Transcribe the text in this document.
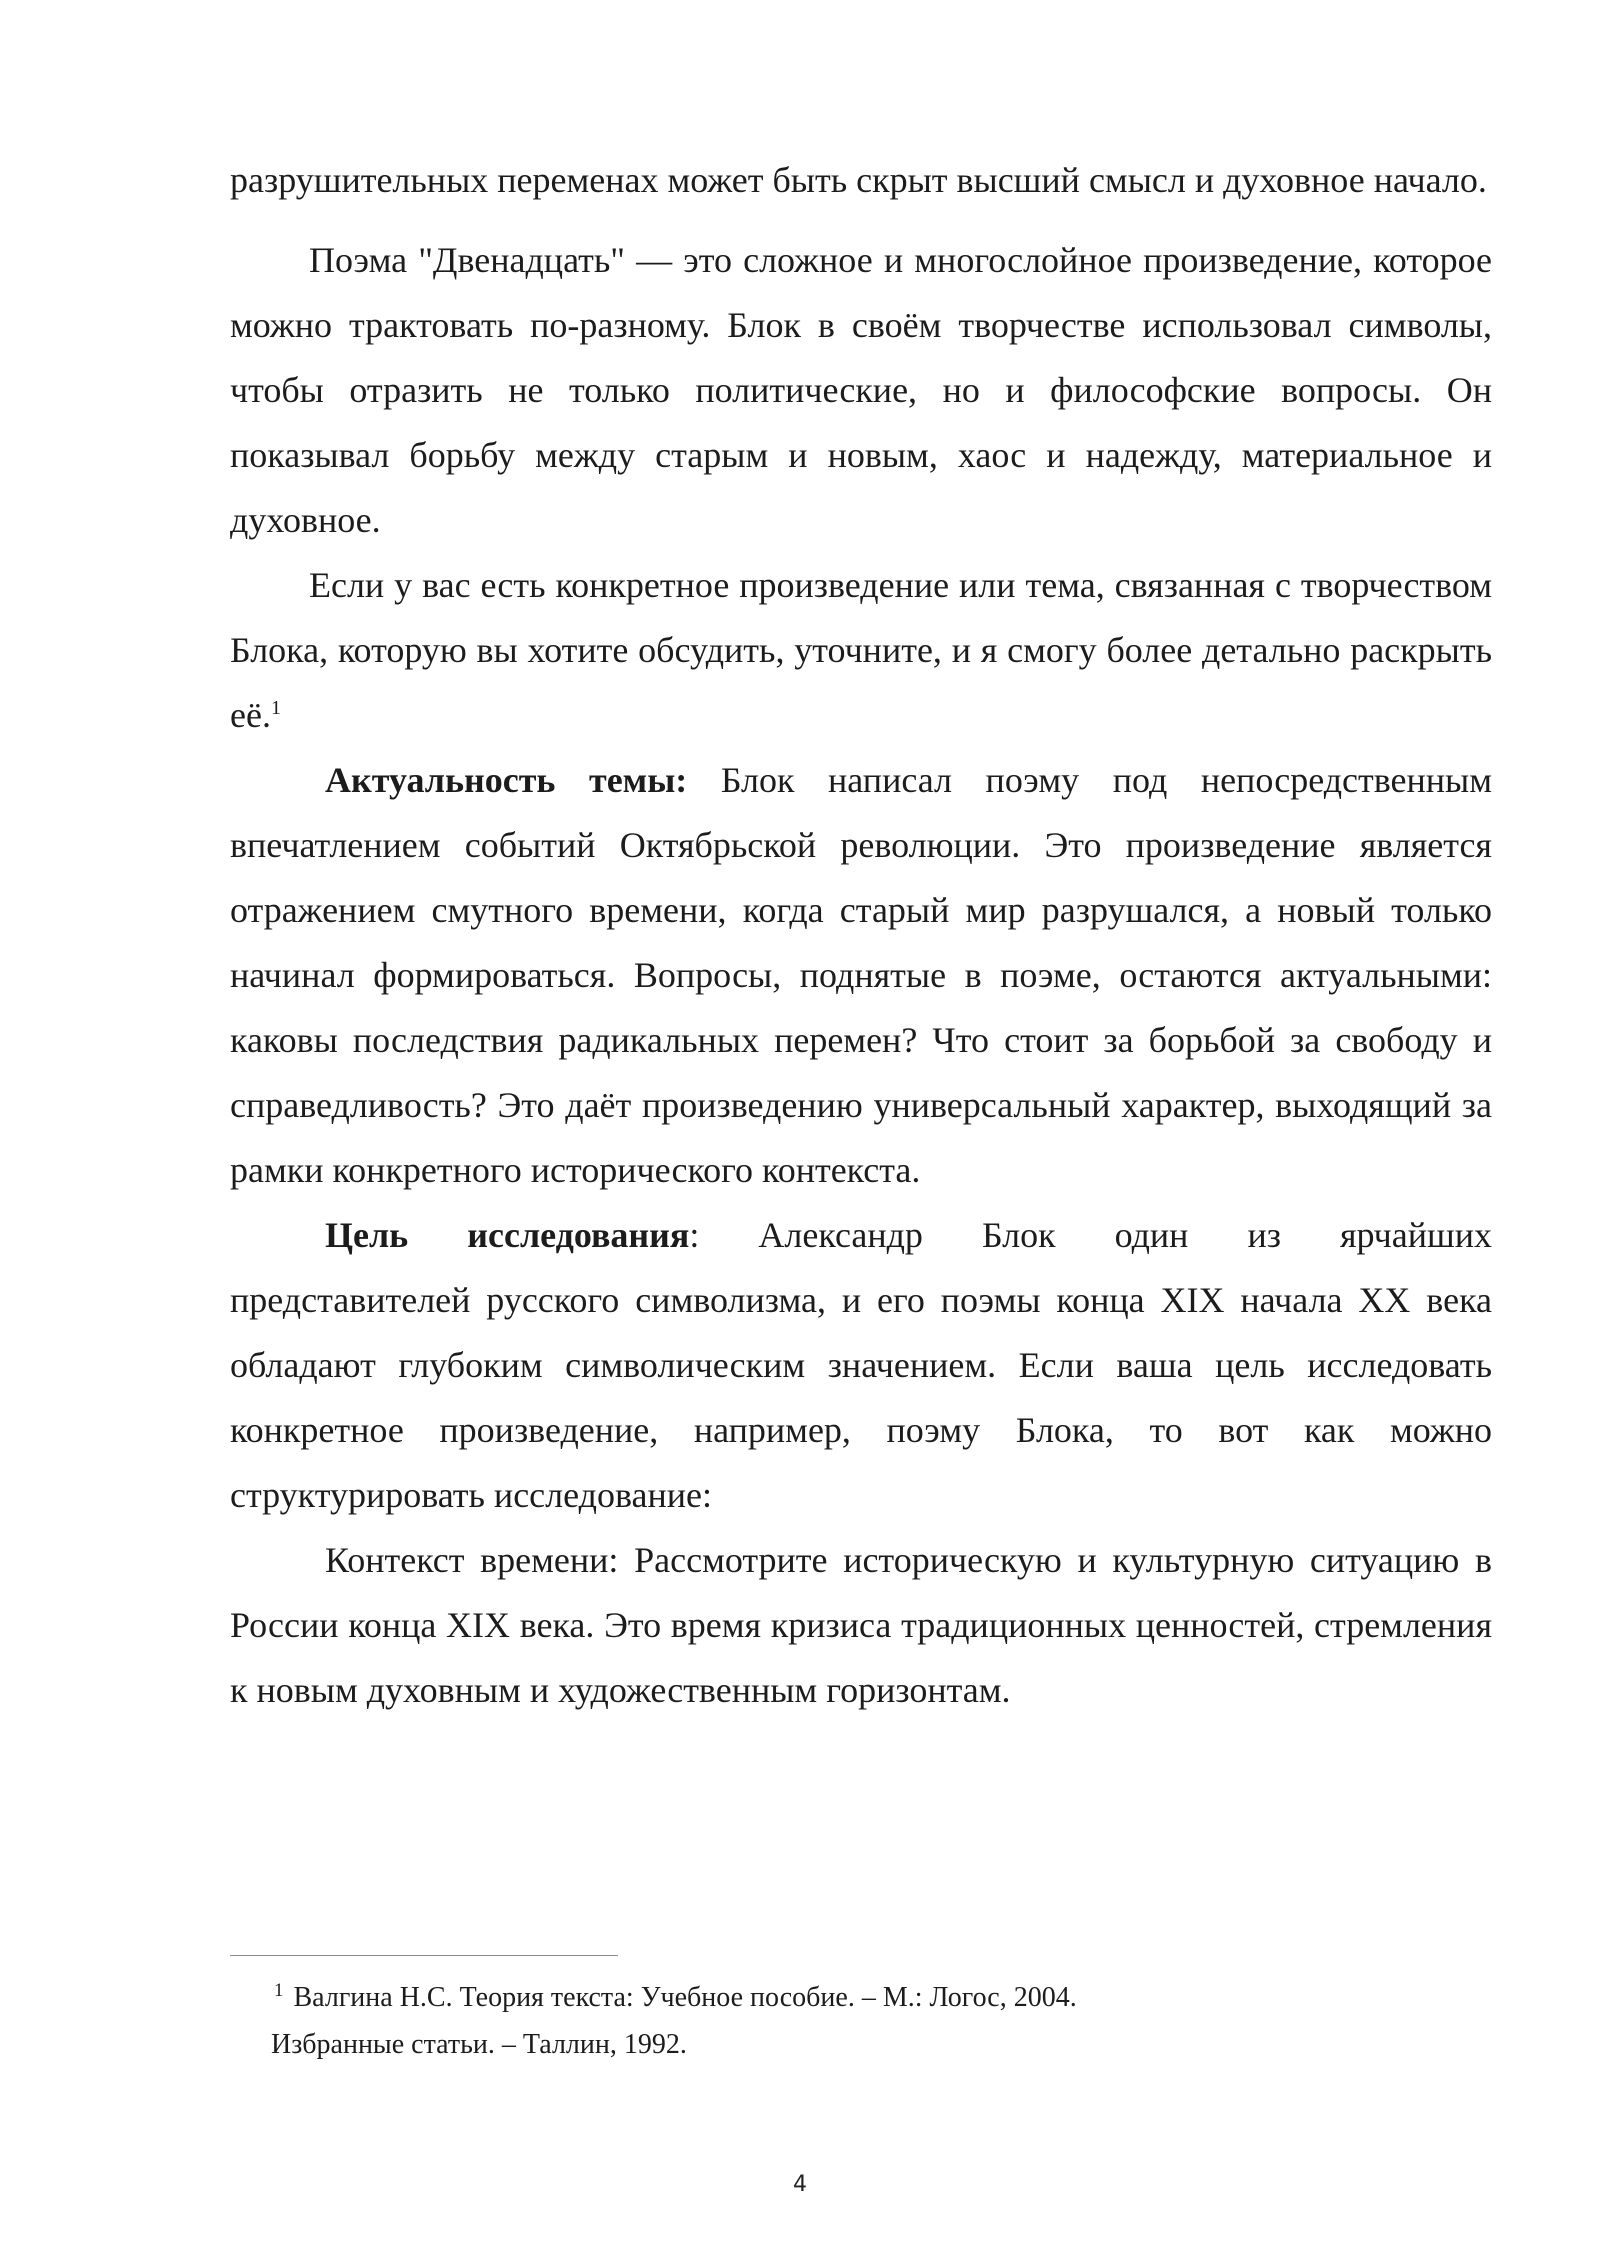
разрушительных переменах может быть скрыт высший смысл и духовное начало.

Поэма "Двенадцать" — это сложное и многослойное произведение, которое можно трактовать по-разному. Блок в своём творчестве использовал символы, чтобы отразить не только политические, но и философские вопросы. Он показывал борьбу между старым и новым, хаос и надежду, материальное и духовное.

Если у вас есть конкретное произведение или тема, связанная с творчеством Блока, которую вы хотите обсудить, уточните, и я смогу более детально раскрыть её.$^1$

Актуальность темы: Блок написал поэму под непосредственным впечатлением событий Октябрьской революции. Это произведение является отражением смутного времени, когда старый мир разрушался, а новый только начинал формироваться. Вопросы, поднятые в поэме, остаются актуальными: каковы последствия радикальных перемен? Что стоит за борьбой за свободу и справедливость? Это даёт произведению универсальный характер, выходящий за рамки конкретного исторического контекста.

Цель исследования: Александр Блок один из ярчайших
представителей русского символизма, и его поэмы конца XIX начала XX века обладают глубоким символическим значением. Если ваша цель исследовать конкретное произведение, например, поэму Блока, то вот как можно структурировать исследование:

Контекст времени: Рассмотрите историческую и культурную ситуацию в России конца XIX века. Это время кризиса традиционных ценностей, стремления к новым духовным и художественным горизонтам.

$^1$ Валгина Н.С. Теория текста: Учебное пособие. – М.: Логос, 2004.
Избранные статьи. – Таллин, 1992.

4
